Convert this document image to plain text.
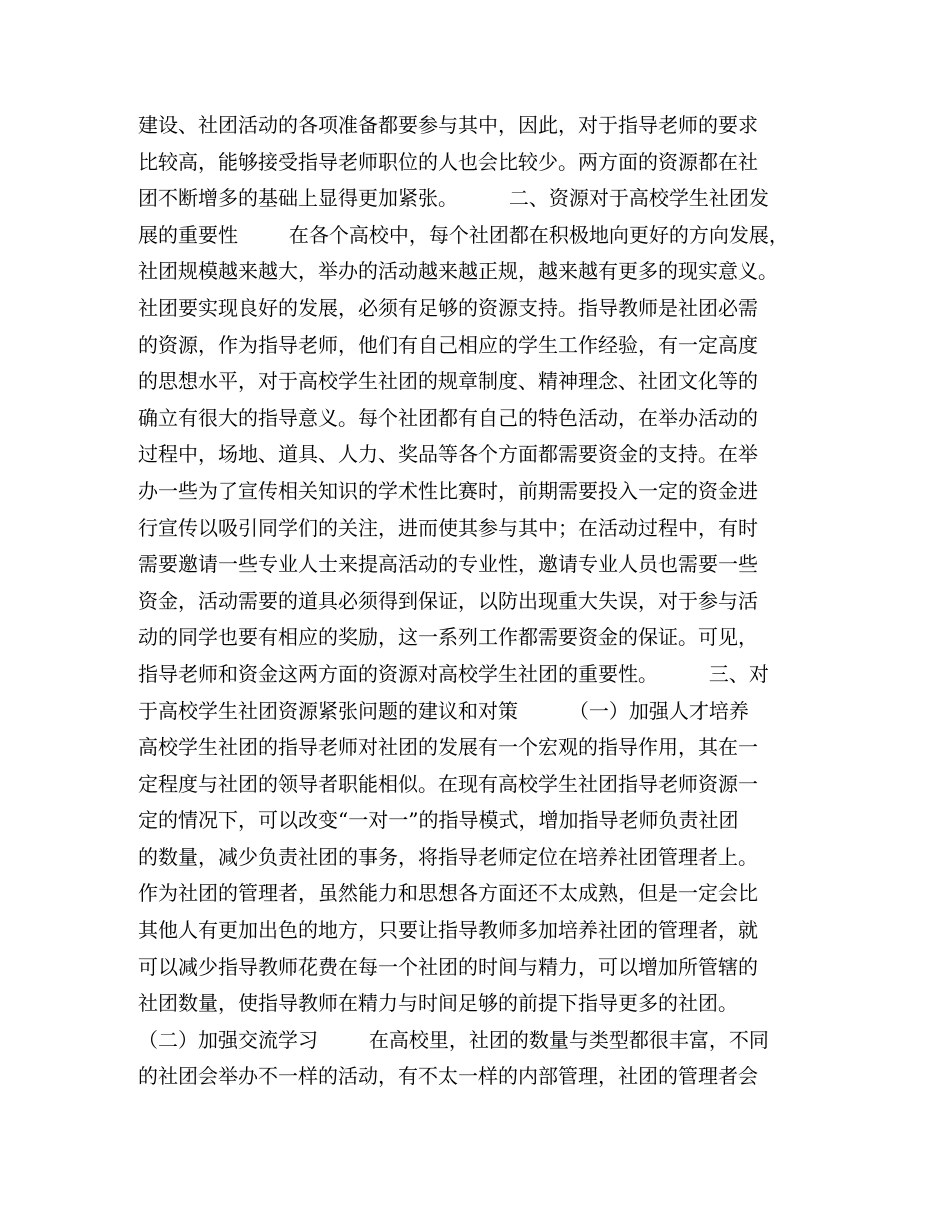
建设、社团活动的各项准备都要参与其中，因此，对于指导老师的要求
比较高，能够接受指导老师职位的人也会比较少。两方面的资源都在社
团不断增多的基础上显得更加紧张。        二、资源对于高校学生社团发
展的重要性        在各个高校中，每个社团都在积极地向更好的方向发展，
社团规模越来越大，举办的活动越来越正规，越来越有更多的现实意义。
社团要实现良好的发展，必须有足够的资源支持。指导教师是社团必需
的资源，作为指导老师，他们有自己相应的学生工作经验，有一定高度
的思想水平，对于高校学生社团的规章制度、精神理念、社团文化等的
确立有很大的指导意义。每个社团都有自己的特色活动，在举办活动的
过程中，场地、道具、人力、奖品等各个方面都需要资金的支持。在举
办一些为了宣传相关知识的学术性比赛时，前期需要投入一定的资金进
行宣传以吸引同学们的关注，进而使其参与其中；在活动过程中，有时
需要邀请一些专业人士来提高活动的专业性，邀请专业人员也需要一些
资金，活动需要的道具必须得到保证，以防出现重大失误，对于参与活
动的同学也要有相应的奖励，这一系列工作都需要资金的保证。可见，
指导老师和资金这两方面的资源对高校学生社团的重要性。        三、对
于高校学生社团资源紧张问题的建议和对策        （一）加强人才培养
高校学生社团的指导老师对社团的发展有一个宏观的指导作用，其在一
定程度与社团的领导者职能相似。在现有高校学生社团指导老师资源一
定的情况下，可以改变“一对一”的指导模式，增加指导老师负责社团
的数量，减少负责社团的事务，将指导老师定位在培养社团管理者上。
作为社团的管理者，虽然能力和思想各方面还不太成熟，但是一定会比
其他人有更加出色的地方，只要让指导教师多加培养社团的管理者，就
可以减少指导教师花费在每一个社团的时间与精力，可以增加所管辖的
社团数量，使指导教师在精力与时间足够的前提下指导更多的社团。
（二）加强交流学习        在高校里，社团的数量与类型都很丰富，不同
的社团会举办不一样的活动，有不太一样的内部管理，社团的管理者会
